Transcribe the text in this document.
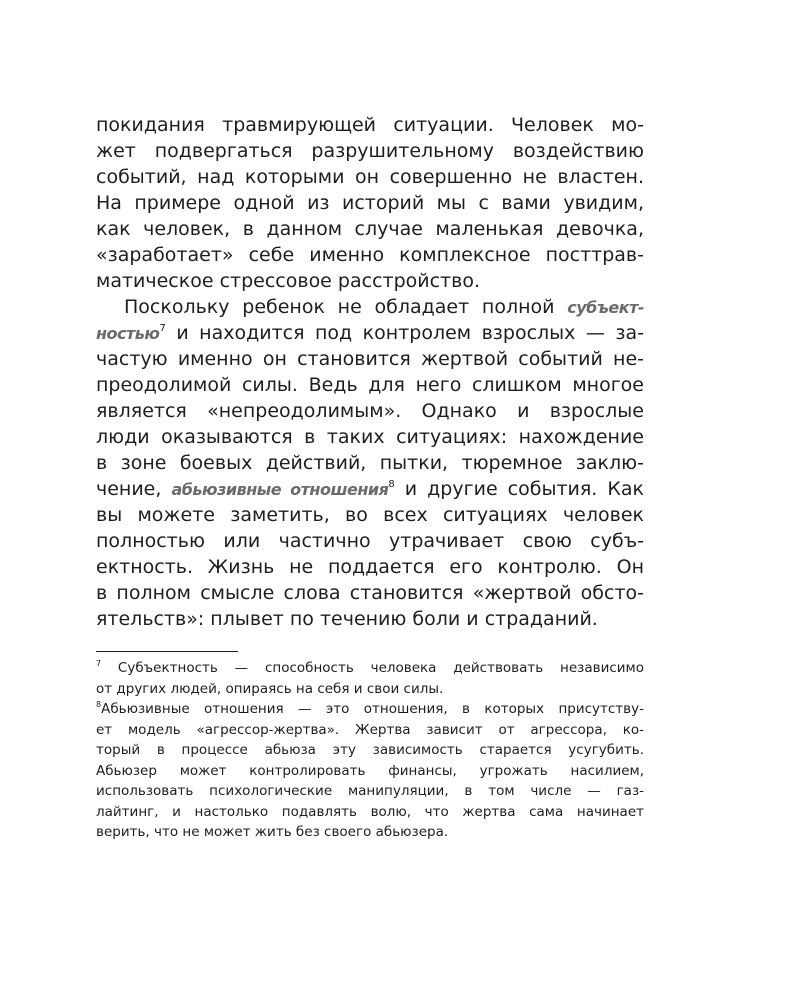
покидания травмирующей ситуации. Человек мо-
жет подвергаться разрушительному воздействию
событий, над которыми он совершенно не властен.
На примере одной из историй мы с вами увидим,
как человек, в данном случае маленькая девочка,
«заработает» себе именно комплексное посттрав-
матическое стрессовое расстройство.
Поскольку ребенок не обладает полной субъект-
ностью$^7$ и находится под контролем взрослых — за-
частую именно он становится жертвой событий не-
преодолимой силы. Ведь для него слишком многое
является «непреодолимым». Однако и взрослые
люди оказываются в таких ситуациях: нахождение
в зоне боевых действий, пытки, тюремное заклю-
чение, абьюзивные отношения$^8$ и другие события. Как
вы можете заметить, во всех ситуациях человек
полностью или частично утрачивает свою субъ-
ектность. Жизнь не поддается его контролю. Он
в полном смысле слова становится «жертвой обсто-
ятельств»: плывет по течению боли и страданий.
$^7$ Субъектность — способность человека действовать независимо
от других людей, опираясь на себя и свои силы.
$^8$Абьюзивные отношения — это отношения, в которых присутству-
ет модель «агрессор-жертва». Жертва зависит от агрессора, ко-
торый в процессе абьюза эту зависимость старается усугубить.
Абьюзер может контролировать финансы, угрожать насилием,
использовать психологические манипуляции, в том числе — газ-
лайтинг, и настолько подавлять волю, что жертва сама начинает
верить, что не может жить без своего абьюзера.
